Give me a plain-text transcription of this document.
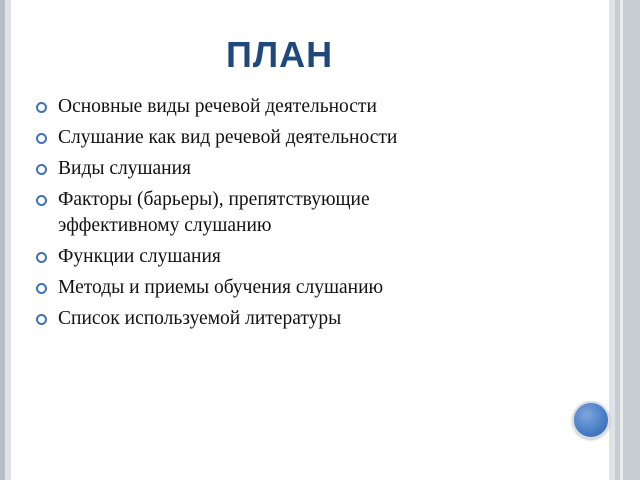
ПЛАН
Основные виды речевой деятельности
Слушание как вид речевой деятельности
Виды слушания
Факторы (барьеры), препятствующие эффективному слушанию
Функции слушания
Методы и приемы обучения слушанию
Список используемой литературы
